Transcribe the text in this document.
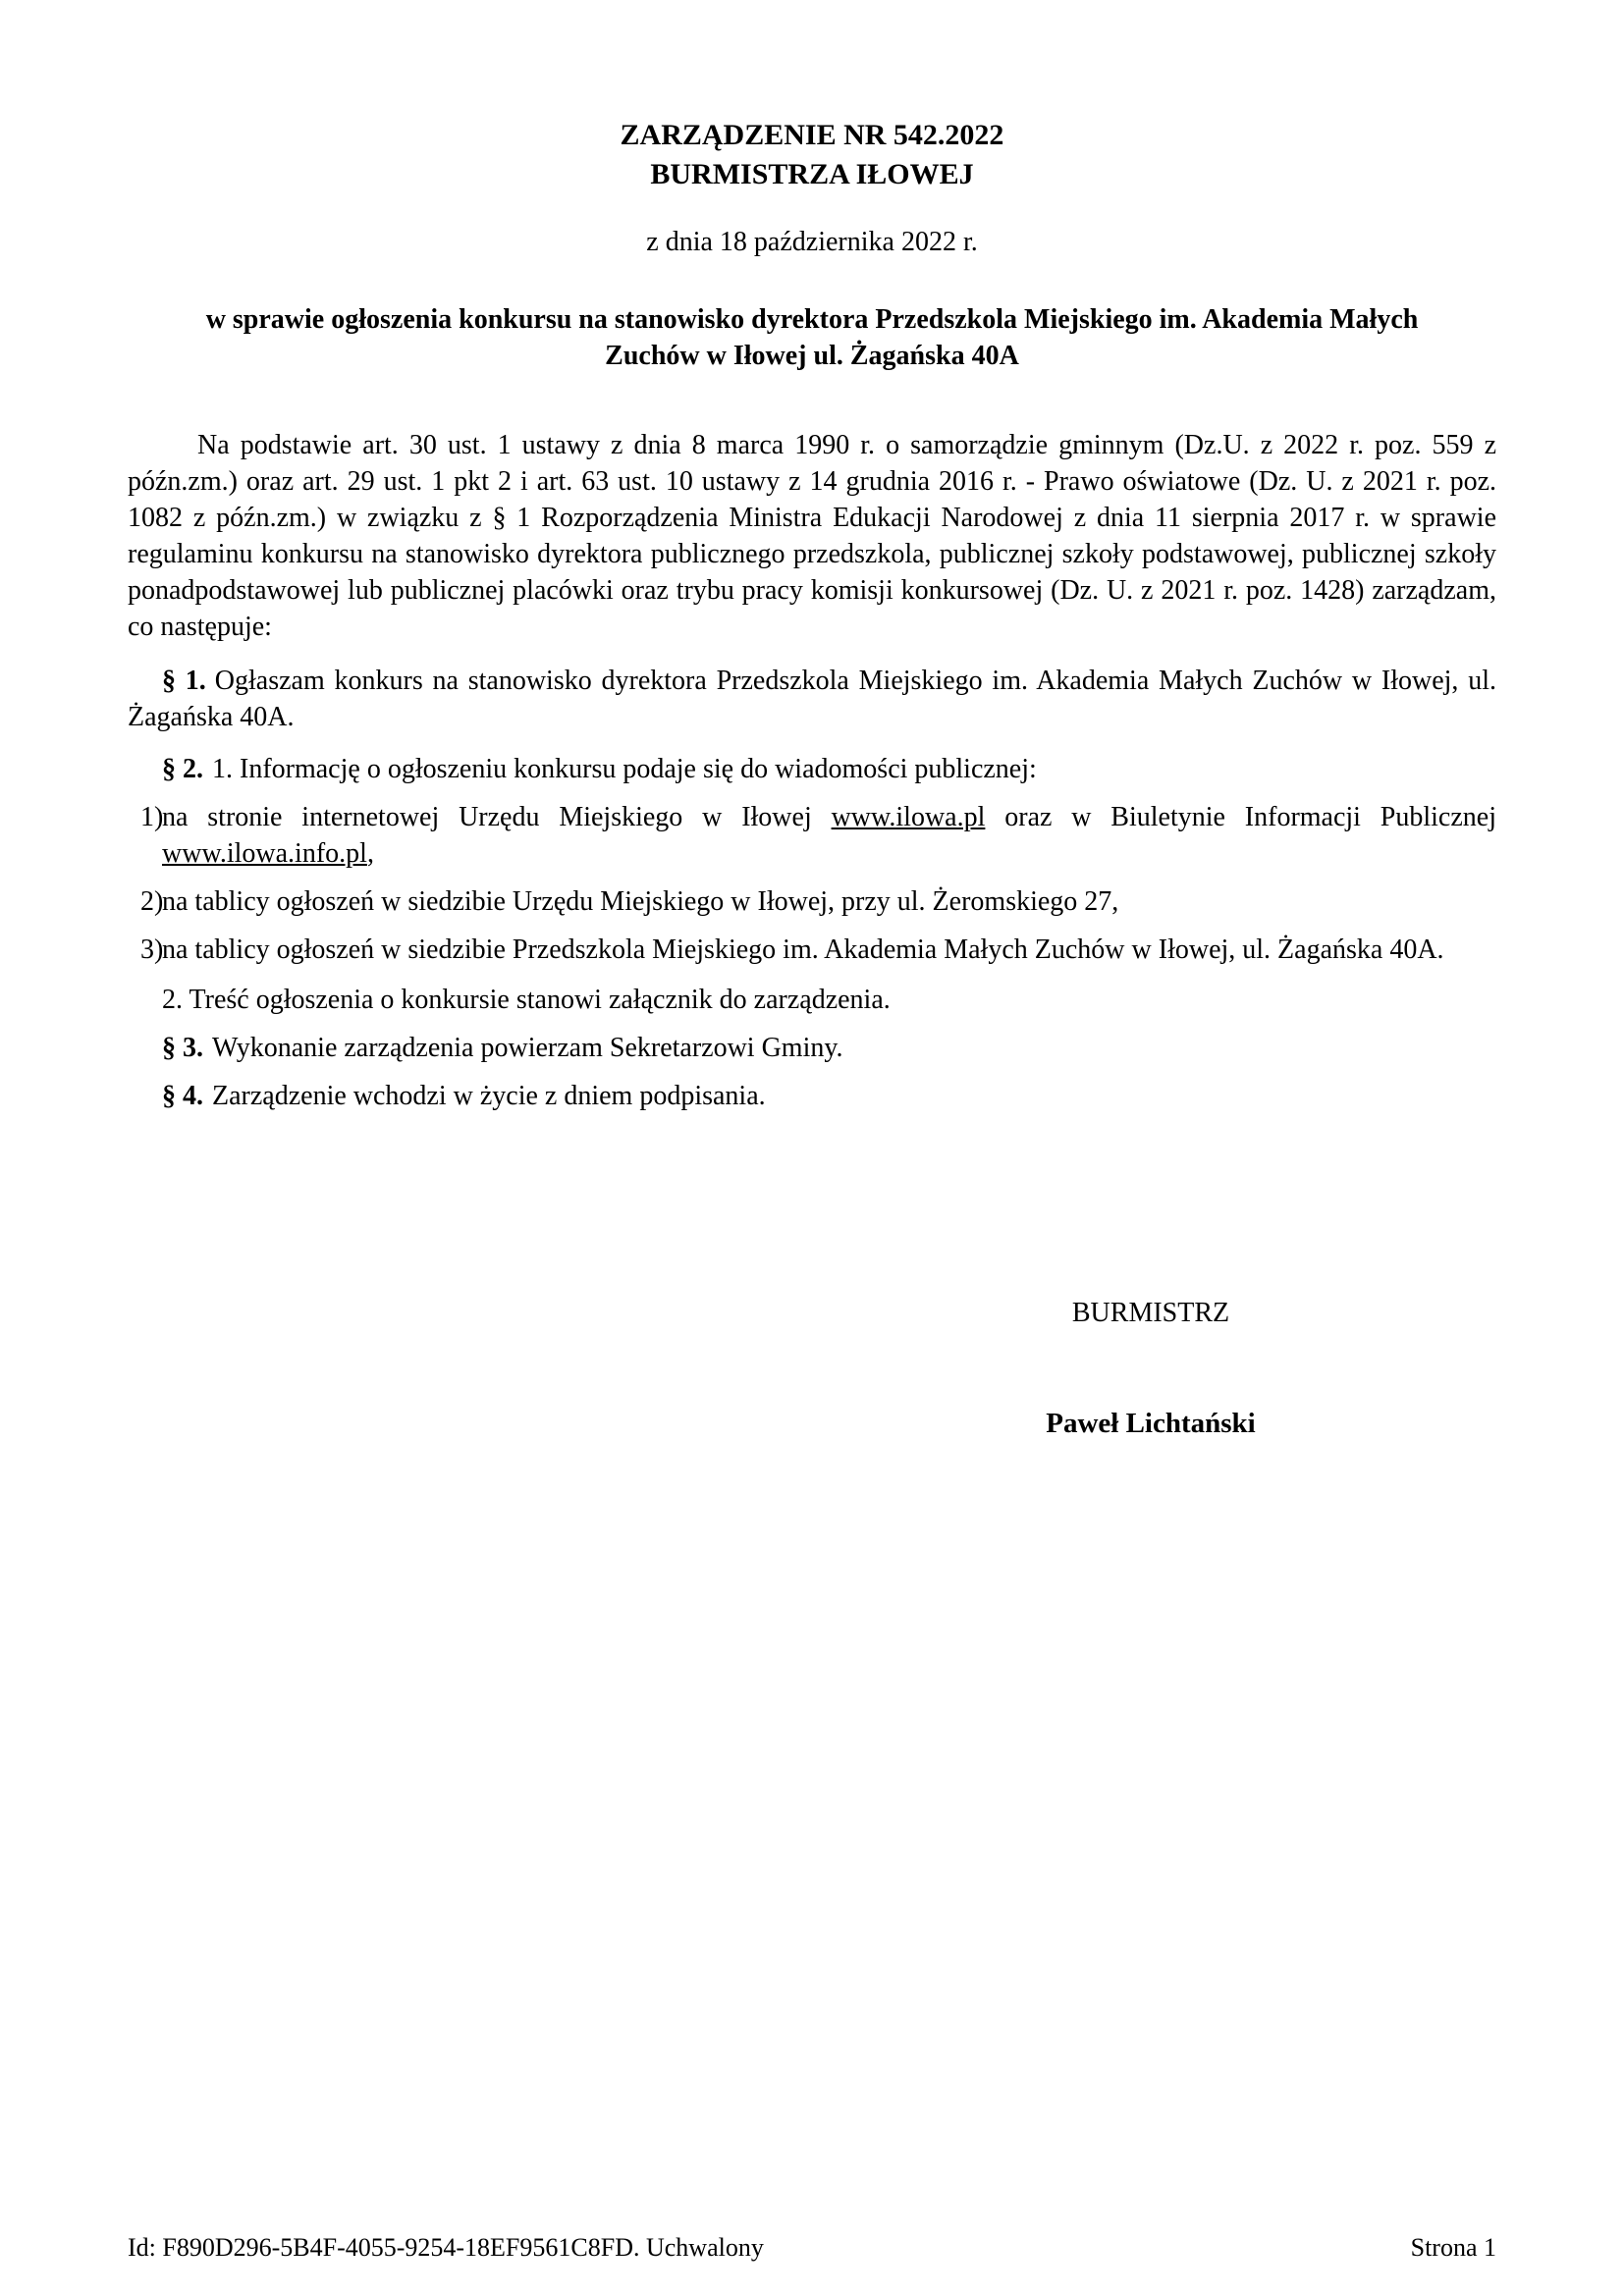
ZARZĄDZENIE NR 542.2022
BURMISTRZA IŁOWEJ
z dnia 18 października 2022 r.
w sprawie ogłoszenia konkursu na stanowisko dyrektora Przedszkola Miejskiego im. Akademia Małych Zuchów w Iłowej ul. Żagańska 40A
Na podstawie art. 30 ust. 1 ustawy z dnia 8 marca 1990 r. o samorządzie gminnym (Dz.U. z 2022 r. poz. 559 z późn.zm.) oraz art. 29 ust. 1 pkt 2 i art. 63 ust. 10 ustawy z 14 grudnia 2016 r. - Prawo oświatowe (Dz. U. z 2021 r. poz. 1082 z późn.zm.) w związku z § 1 Rozporządzenia Ministra Edukacji Narodowej z dnia 11 sierpnia 2017 r. w sprawie regulaminu konkursu na stanowisko dyrektora publicznego przedszkola, publicznej szkoły podstawowej, publicznej szkoły ponadpodstawowej lub publicznej placówki oraz trybu pracy komisji konkursowej (Dz. U. z 2021 r. poz. 1428) zarządzam, co następuje:
§ 1. Ogłaszam konkurs na stanowisko dyrektora Przedszkola Miejskiego im. Akademia Małych Zuchów w Iłowej, ul. Żagańska 40A.
§ 2. 1. Informację o ogłoszeniu konkursu podaje się do wiadomości publicznej:
1)
na stronie internetowej Urzędu Miejskiego w Iłowej www.ilowa.pl oraz w Biuletynie Informacji Publicznej www.ilowa.info.pl,
2)
na tablicy ogłoszeń w siedzibie Urzędu Miejskiego w Iłowej, przy ul. Żeromskiego 27,
3)
na tablicy ogłoszeń w siedzibie Przedszkola Miejskiego im. Akademia Małych Zuchów w Iłowej, ul. Żagańska 40A.
2. Treść ogłoszenia o konkursie stanowi załącznik do zarządzenia.
§ 3. Wykonanie zarządzenia powierzam Sekretarzowi Gminy.
§ 4. Zarządzenie wchodzi w życie z dniem podpisania.
BURMISTRZ
Paweł Lichtański
Id: F890D296-5B4F-4055-9254-18EF9561C8FD. Uchwalony	Strona 1
